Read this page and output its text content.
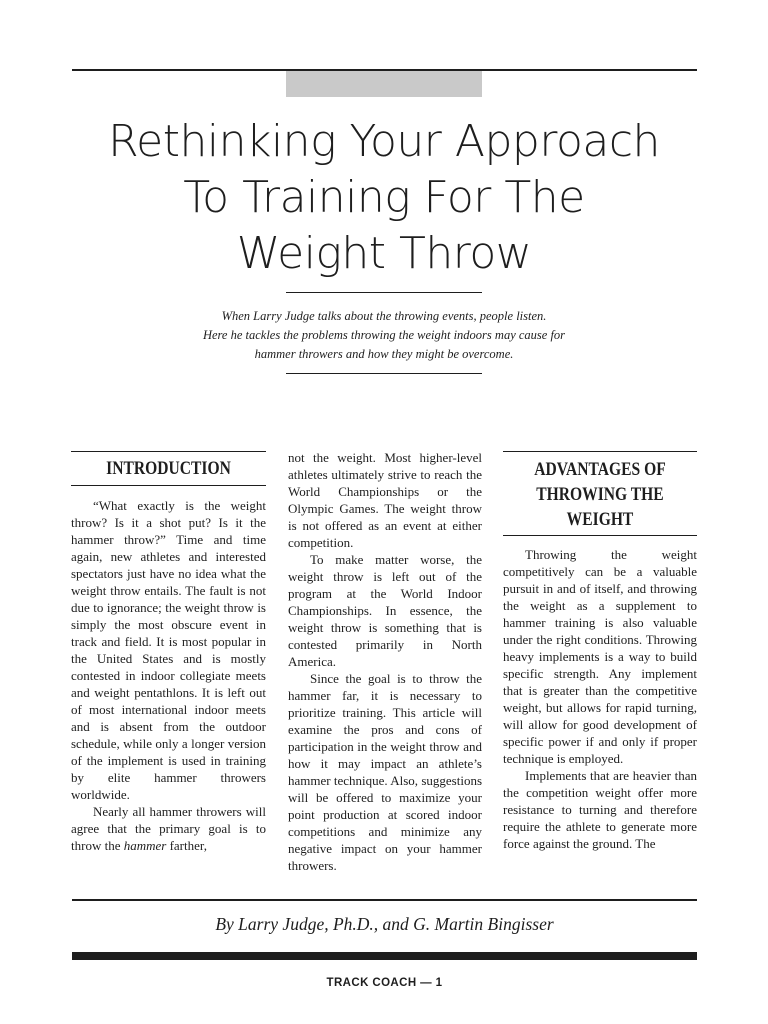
Rethinking Your Approach
To Training For The
Weight Throw
When Larry Judge talks about the throwing events, people listen.
Here he tackles the problems throwing the weight indoors may cause for
hammer throwers and how they might be overcome.
INTRODUCTION

“What exactly is the weight throw? Is it a shot put? Is it the hammer throw?” Time and time again, new athletes and interested spectators just have no idea what the weight throw entails. The fault is not due to ignorance; the weight throw is simply the most obscure event in track and field. It is most popular in the United States and is mostly contested in indoor collegiate meets and weight pentathlons. It is left out of most international indoor meets and is absent from the outdoor schedule, while only a longer version of the implement is used in training by elite hammer throwers worldwide.

Nearly all hammer throwers will agree that the primary goal is to throw the hammer farther,

not the weight. Most higher-level athletes ultimately strive to reach the World Championships or the Olympic Games. The weight throw is not offered as an event at either competition.

To make matter worse, the weight throw is left out of the program at the World Indoor Championships. In essence, the weight throw is something that is contested primarily in North America.

Since the goal is to throw the hammer far, it is necessary to prioritize training. This article will examine the pros and cons of participation in the weight throw and how it may impact an athlete’s hammer technique. Also, suggestions will be offered to maximize your point production at scored indoor competitions and minimize any negative impact on your hammer throwers.

ADVANTAGES OF
THROWING THE
WEIGHT

Throwing the weight competitively can be a valuable pursuit in and of itself, and throwing the weight as a supplement to hammer training is also valuable under the right conditions. Throwing heavy implements is a way to build specific strength. Any implement that is greater than the competitive weight, but allows for rapid turning, will allow for good development of specific power if and only if proper technique is employed.

Implements that are heavier than the competition weight offer more resistance to turning and therefore require the athlete to generate more force against the ground. The

By Larry Judge, Ph.D., and G. Martin Bingisser
TRACK COACH — 1
